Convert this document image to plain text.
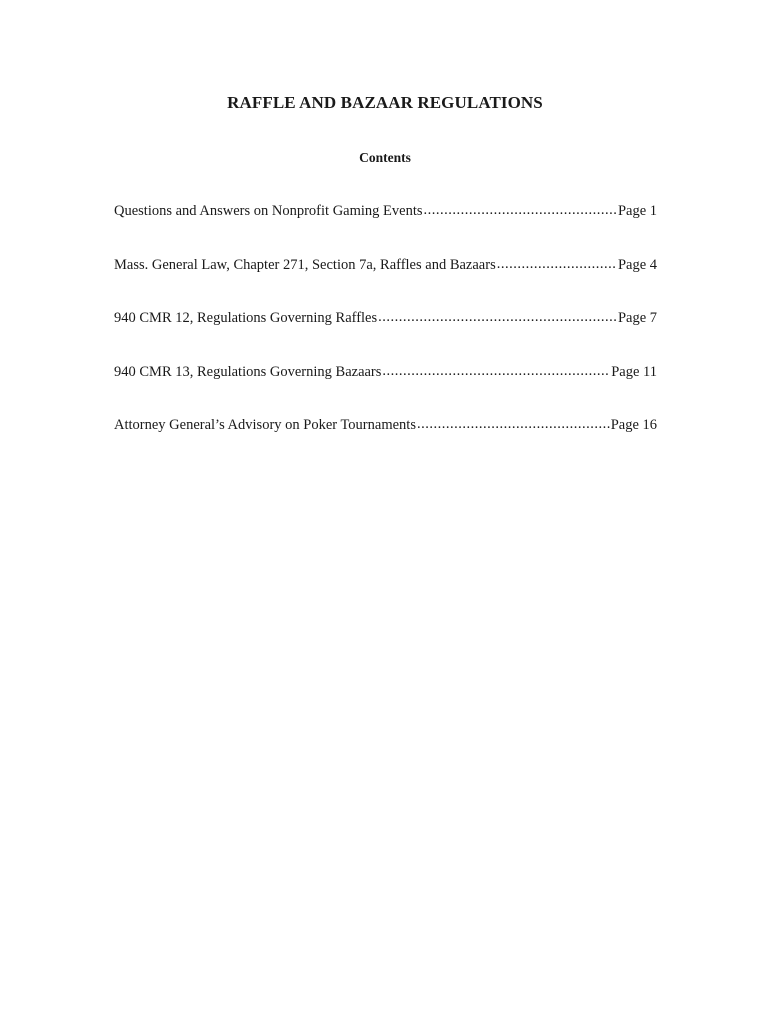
RAFFLE AND BAZAAR REGULATIONS
Contents
Questions and Answers on Nonprofit Gaming Events .....	Page 1
Mass. General Law, Chapter 271, Section 7a, Raffles and Bazaars .....	Page 4
940 CMR 12, Regulations Governing Raffles .....	Page 7
940 CMR 13, Regulations Governing Bazaars .....	Page 11
Attorney General’s Advisory on Poker Tournaments .....	Page 16
